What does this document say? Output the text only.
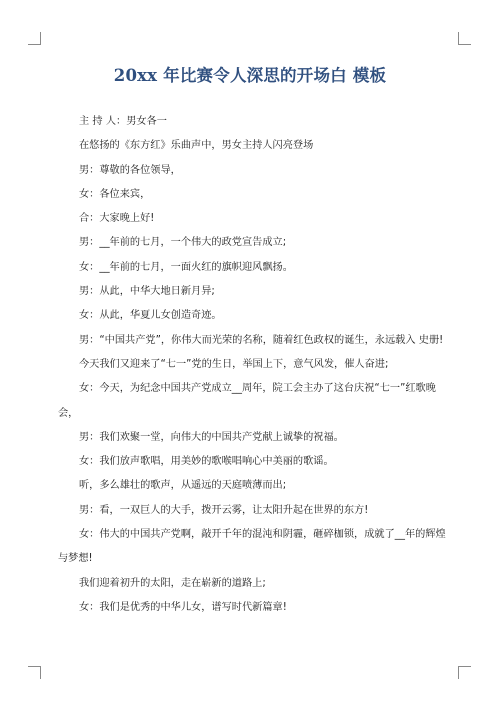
20xx 年比赛令人深思的开场白 模板

主 持 人：男女各一

在悠扬的《东方红》乐曲声中，男女主持人闪亮登场

男：尊敬的各位领导，

女：各位来宾，

合：大家晚上好!

男：__年前的七月，一个伟大的政党宣告成立;

女：__年前的七月，一面火红的旗帜迎风飘扬。

男：从此，中华大地日新月异;

女：从此，华夏儿女创造奇迹。

男：“中国共产党”，你伟大而光荣的名称，随着红色政权的诞生，永远载入 史册!

今天我们又迎来了“七一”党的生日，举国上下，意气风发，催人奋进;

女：今天，为纪念中国共产党成立__周年，院工会主办了这台庆祝“七一”红歌晚会，

男：我们欢聚一堂，向伟大的中国共产党献上诚挚的祝福。

女：我们放声歌唱，用美妙的歌喉唱响心中美丽的歌谣。

听，多么雄壮的歌声，从遥远的天庭喷薄而出;

男：看，一双巨人的大手，拨开云雾，让太阳升起在世界的东方!

女：伟大的中国共产党啊，敲开千年的混沌和阴霾，砸碎枷锁，成就了__年的辉煌与梦想!

我们迎着初升的太阳，走在崭新的道路上;

女：我们是优秀的中华儿女，谱写时代新篇章!
